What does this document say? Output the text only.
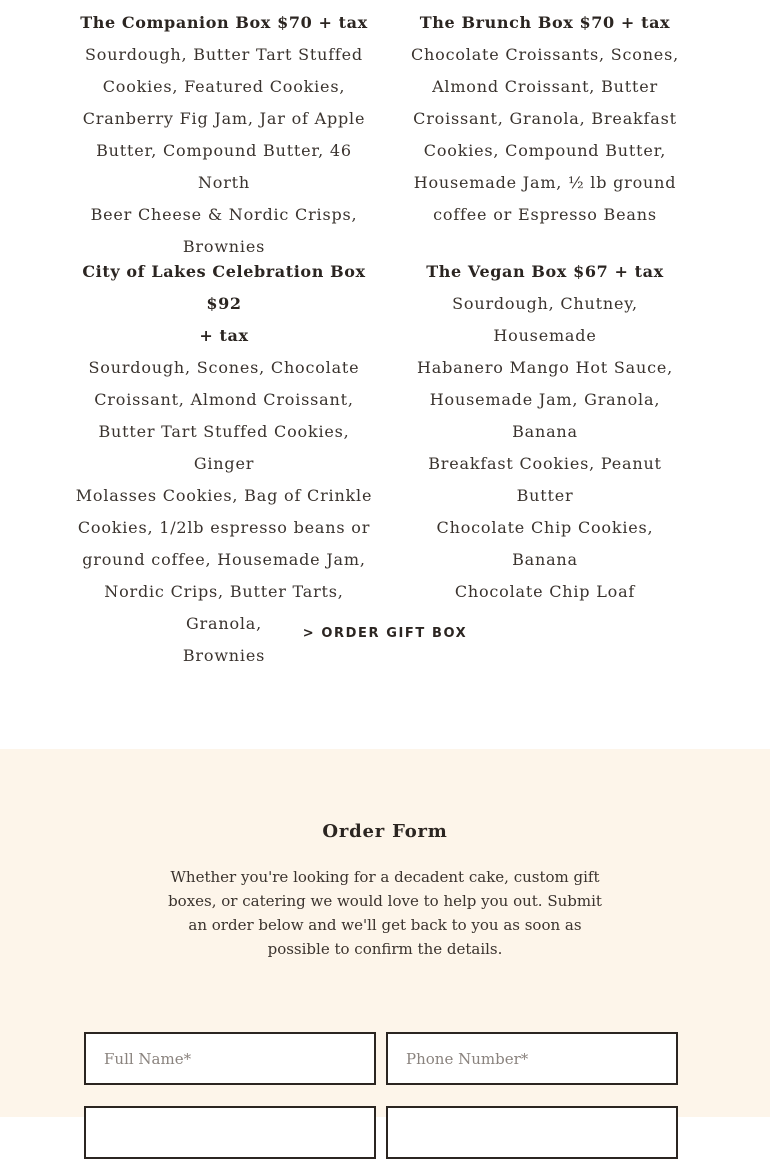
The Companion Box $70 + tax

Sourdough, Butter Tart Stuffed

Cookies, Featured Cookies,

Cranberry Fig Jam, Jar of Apple

Butter, Compound Butter, 46 North

Beer Cheese & Nordic Crisps,

Brownies

The Brunch Box $70 + tax

Chocolate Croissants, Scones,

Almond Croissant, Butter

Croissant, Granola, Breakfast

Cookies, Compound Butter,

Housemade Jam, ½ lb ground

coffee or Espresso Beans

City of Lakes Celebration Box $92
+ tax

Sourdough, Scones, Chocolate

Croissant, Almond Croissant,

Butter Tart Stuffed Cookies, Ginger

Molasses Cookies, Bag of Crinkle

Cookies, 1/2lb espresso beans or

ground coffee, Housemade Jam,

Nordic Crips, Butter Tarts, Granola,

Brownies

The Vegan Box $67 + tax

Sourdough, Chutney, Housemade

Habanero Mango Hot Sauce,

Housemade Jam, Granola, Banana

Breakfast Cookies, Peanut Butter

Chocolate Chip Cookies, Banana

Chocolate Chip Loaf

> ORDER GIFT BOX
Order Form

Whether you're looking for a decadent cake, custom gift boxes, or catering we would love to help you out. Submit an order below and we'll get back to you as soon as possible to confirm the details.

Full Name*
Phone Number*
